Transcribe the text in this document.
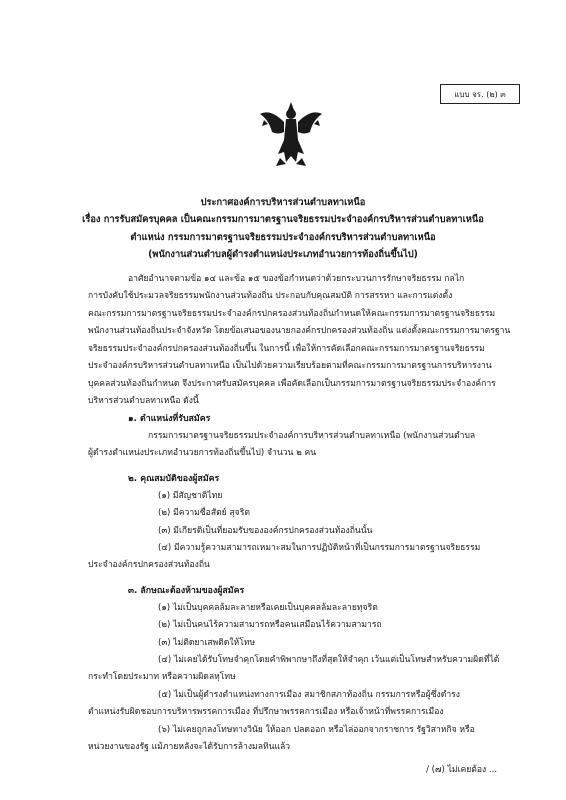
แบบ จร. (๒) ๓
ประกาศองค์การบริหารส่วนตำบลทาเหนือ
เรื่อง การรับสมัครบุคคล เป็นคณะกรรมการมาตรฐานจริยธรรมประจำองค์กรบริหารส่วนตำบลทาเหนือ
ตำแหน่ง กรรมการมาตรฐานจริยธรรมประจำองค์กรบริหารส่วนตำบลทาเหนือ
(พนักงานส่วนตำบลผู้ดำรงตำแหน่งประเภทอำนวยการท้องถิ่นขึ้นไป)
อาศัยอำนาจตามข้อ ๑๔ และข้อ ๑๕ ของข้อกำหนดว่าด้วยกระบวนการรักษาจริยธรรม กลไก
การบังคับใช้ประมวลจริยธรรมพนักงานส่วนท้องถิ่น ประกอบกับคุณสมบัติ การสรรหา และการแต่งตั้ง
คณะกรรมการมาตรฐานจริยธรรมประจำองค์กรปกครองส่วนท้องถิ่นกำหนดให้คณะกรรมการมาตรฐานจริยธรรม
พนักงานส่วนท้องถิ่นประจำจังหวัด โดยข้อเสนอของนายกองค์กรปกครองส่วนท้องถิ่น แต่งตั้งคณะกรรมการมาตรฐาน
จริยธรรมประจำองค์กรปกครองส่วนท้องถิ่นขึ้น ในการนี้ เพื่อให้การคัดเลือกคณะกรรมการมาตรฐานจริยธรรม
ประจำองค์กรบริหารส่วนตำบลทาเหนือ เป็นไปด้วยความเรียบร้อยตามที่คณะกรรมการมาตรฐานการบริหารงาน
บุคคลส่วนท้องถิ่นกำหนด จึงประกาศรับสมัครบุคคล เพื่อคัดเลือกเป็นกรรมการมาตรฐานจริยธรรมประจำองค์การ
บริหารส่วนตำบลทาเหนือ ดังนี้
๑. ตำแหน่งที่รับสมัคร
กรรมการมาตรฐานจริยธรรมประจำองค์การบริหารส่วนตำบลทาเหนือ (พนักงานส่วนตำบล
ผู้ดำรงตำแหน่งประเภทอำนวยการท้องถิ่นขึ้นไป) จำนวน ๒ คน
๒. คุณสมบัติของผู้สมัคร
(๑) มีสัญชาติไทย
(๒) มีความซื่อสัตย์ สุจริต
(๓) มีเกียรติเป็นที่ยอมรับขององค์กรปกครองส่วนท้องถิ่นนั้น
(๔) มีความรู้ความสามารถเหมาะสมในการปฏิบัติหน้าที่เป็นกรรมการมาตรฐานจริยธรรม
ประจำองค์กรปกครองส่วนท้องถิ่น
๓. ลักษณะต้องห้ามของผู้สมัคร
(๑) ไม่เป็นบุคคลล้มละลายหรือเคยเป็นบุคคลล้มละลายทุจริต
(๒) ไม่เป็นคนไร้ความสามารถหรือคนเสมือนไร้ความสามารถ
(๓) ไม่ติดยาเสพติดให้โทษ
(๔) ไม่เคยได้รับโทษจำคุกโดยคำพิพากษาถึงที่สุดให้จำคุก เว้นแต่เป็นโทษสำหรับความผิดที่ได้
กระทำโดยประมาท หรือความผิดลหุโทษ
(๕) ไม่เป็นผู้ดำรงตำแหน่งทางการเมือง สมาชิกสภาท้องถิ่น กรรมการหรือผู้ซึ่งดำรง
ตำแหน่งรับผิดชอบการบริหารพรรคการเมือง ที่ปรึกษาพรรคการเมือง หรือเจ้าหน้าที่พรรคการเมือง
(๖) ไม่เคยถูกลงโทษทางวินัย ให้ออก ปลดออก หรือไล่ออกจากราชการ รัฐวิสาหกิจ หรือ
หน่วยงานของรัฐ แม้ภายหลังจะได้รับการล้างมลทินแล้ว
/ (๗) ไม่เคยต้อง ...
